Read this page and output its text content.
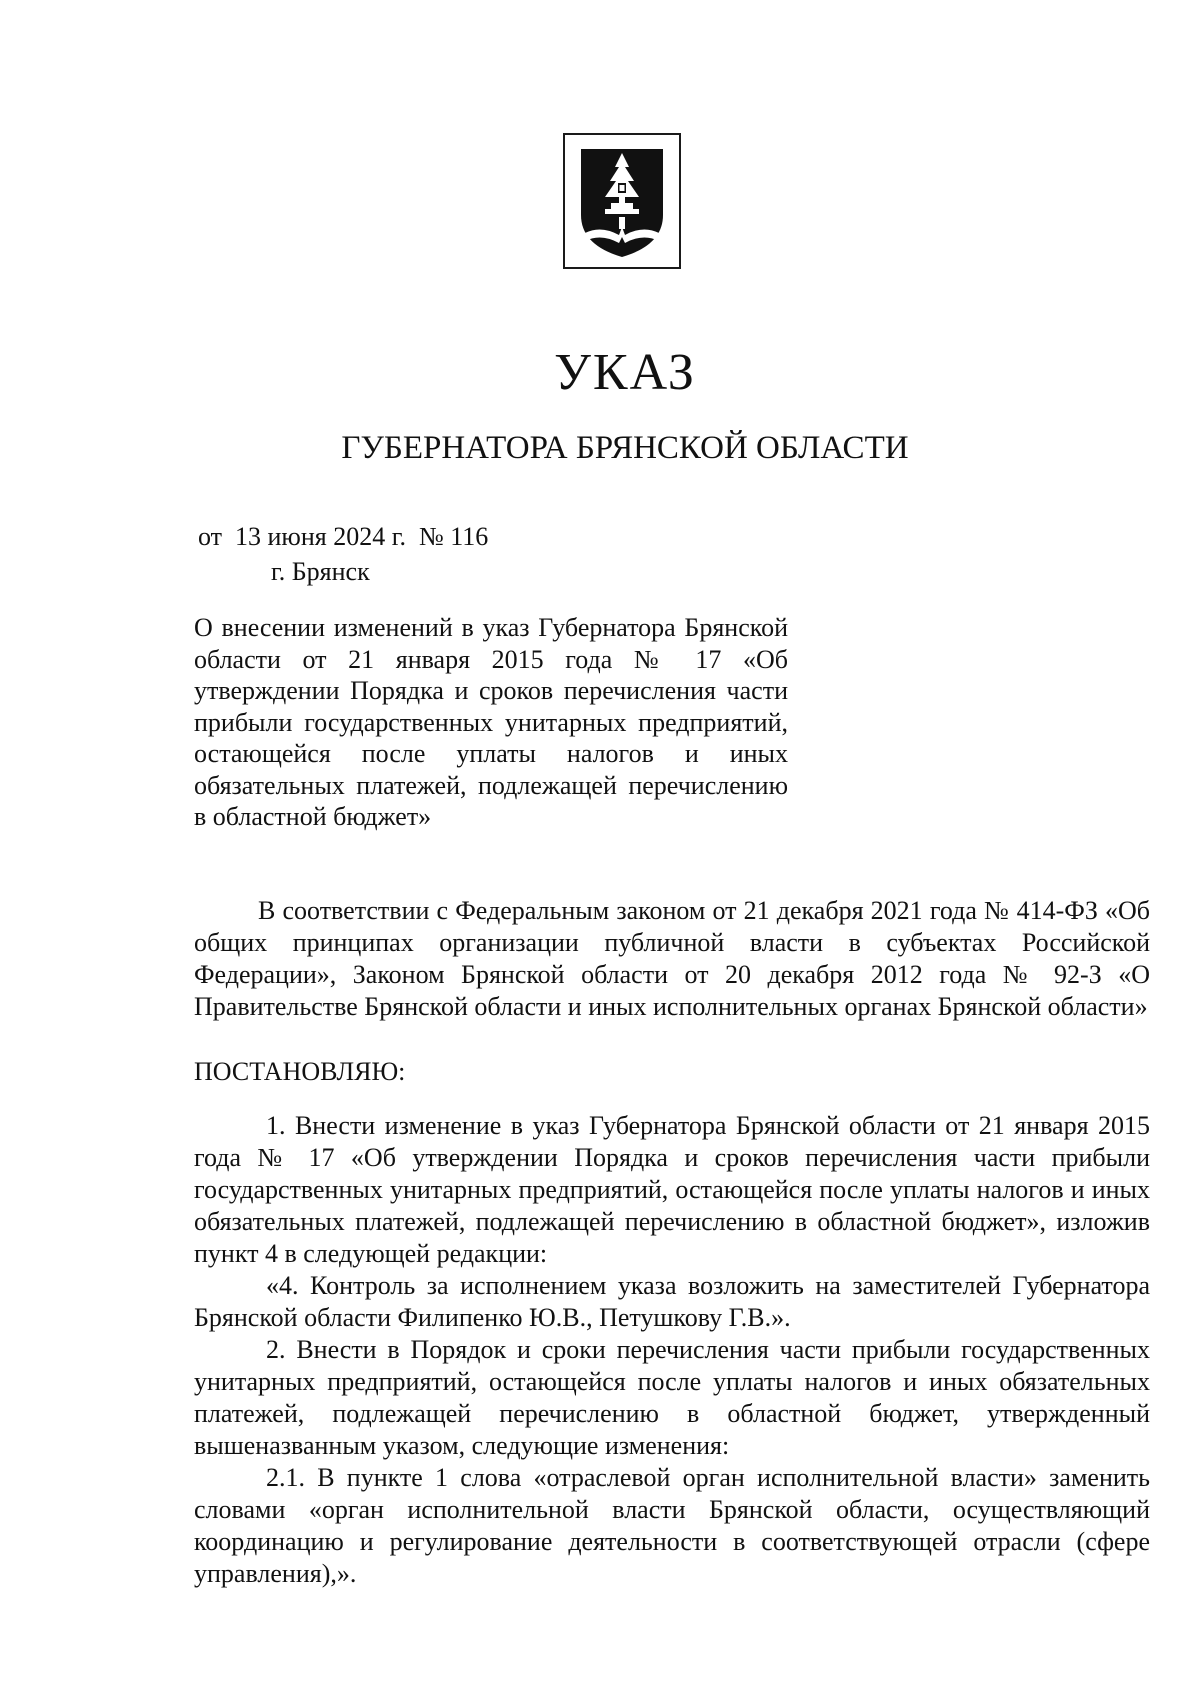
УКАЗ
ГУБЕРНАТОРА БРЯНСКОЙ ОБЛАСТИ
от  13 июня 2024 г.  № 116
г. Брянск
О внесении изменений в указ Губернатора Брянской области от 21 января 2015 года № 17 «Об утверждении Порядка и сроков перечисления части прибыли государственных унитарных предприятий, остающейся после уплаты налогов и иных обязательных платежей, подлежащей перечислению в областной бюджет»

В соответствии с Федеральным законом от 21 декабря 2021 года № 414-ФЗ «Об общих принципах организации публичной власти в субъектах Российской Федерации», Законом Брянской области от 20 декабря 2012 года № 92-З «О Правительстве Брянской области и иных исполнительных органах Брянской области»

ПОСТАНОВЛЯЮ:

1. Внести изменение в указ Губернатора Брянской области от 21 января 2015 года № 17 «Об утверждении Порядка и сроков перечисления части прибыли государственных унитарных предприятий, остающейся после уплаты налогов и иных обязательных платежей, подлежащей перечислению в областной бюджет», изложив пункт 4 в следующей редакции:

«4. Контроль за исполнением указа возложить на заместителей Губернатора Брянской области Филипенко Ю.В., Петушкову Г.В.».

2. Внести в Порядок и сроки перечисления части прибыли государственных унитарных предприятий, остающейся после уплаты налогов и иных обязательных платежей, подлежащей перечислению в областной бюджет, утвержденный вышеназванным указом, следующие изменения:

2.1. В пункте 1 слова «отраслевой орган исполнительной власти» заменить словами «орган исполнительной власти Брянской области, осуществляющий координацию и регулирование деятельности в соответствующей отрасли (сфере управления),».
